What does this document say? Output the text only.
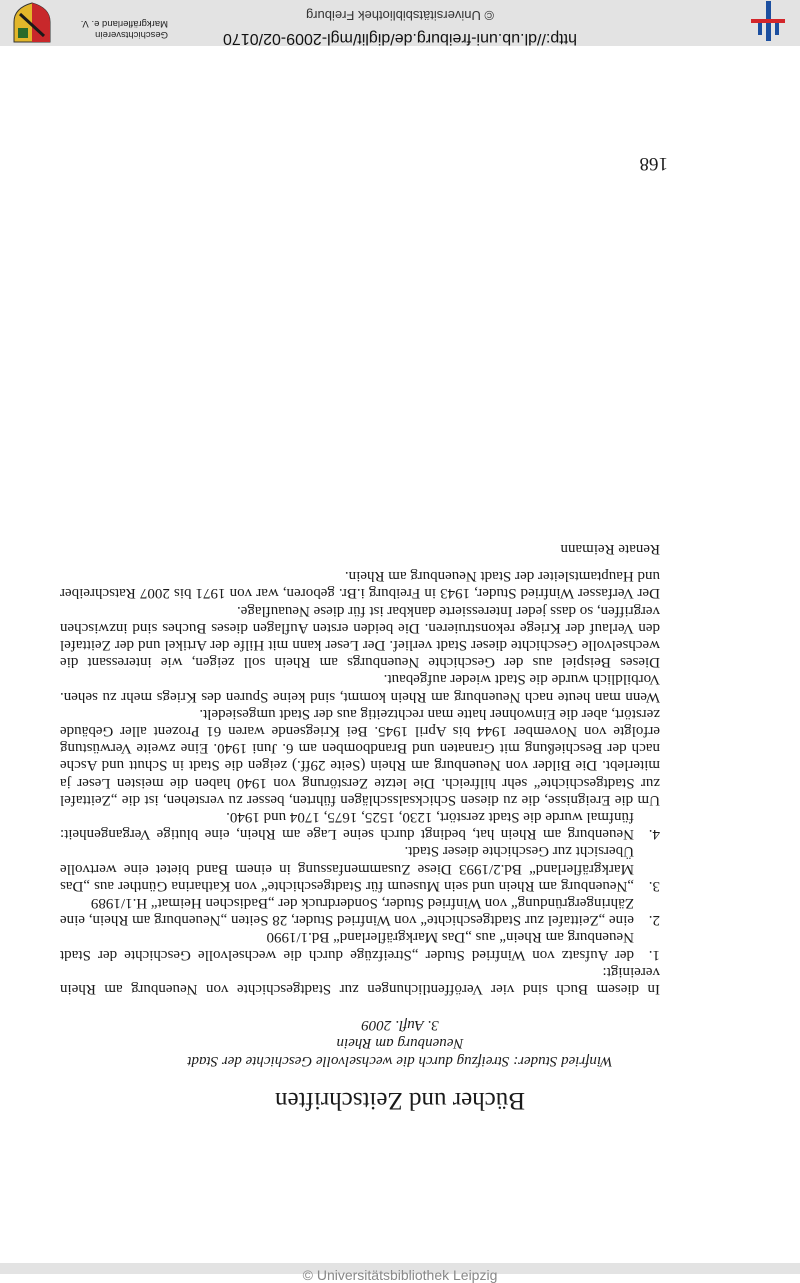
© Universitätsbibliothek Leipzig
http://dl.ub.uni-freiburg.de/diglit/mgl-2009-02/0170
© Universitätsbibliothek Freiburg
Geschichtsverein
Markgräflerland e. V.
168
Bücher und Zeitschriften
Winfried Studer: Streifzug durch die wechselvolle Geschichte der Stadt
Neuenburg am Rhein
3. Aufl. 2009

In diesem Buch sind vier Veröffentlichungen zur Stadtgeschichte von Neuenburg am Rhein vereinigt:

1.
der Aufsatz von Winfried Studer „Streifzüge durch die wechselvolle Geschichte der Stadt Neuenburg am Rhein“ aus „Das Markgräflerland“ Bd.1/1990
2.
eine „Zeittafel zur Stadtgeschichte“ von Winfried Studer, 28 Seiten „Neuenburg am Rhein, eine Zähringergründung“ von Winfried Studer, Sonderdruck der „Badischen Heimat“ H.1/1989
3.
„Neuenburg am Rhein und sein Museum für Stadtgeschichte“ von Katharina Günther aus „Das Markgräflerland“ Bd.2/1993 Diese Zusammenfassung in einem Band bietet eine wertvolle Übersicht zur Geschichte dieser Stadt.
4.
Neuenburg am Rhein hat, bedingt durch seine Lage am Rhein, eine blutige Vergangenheit: fünfmal wurde die Stadt zerstört, 1230, 1525, 1675, 1704 und 1940.

Um die Ereignisse, die zu diesen Schicksalsschlägen führten, besser zu verstehen, ist die „Zeittafel zur Stadtgeschichte“ sehr hilfreich. Die letzte Zerstörung von 1940 haben die meisten Leser ja miterlebt. Die Bilder von Neuenburg am Rhein (Seite 29ff.) zeigen die Stadt in Schutt und Asche nach der Beschießung mit Granaten und Brandbomben am 6. Juni 1940. Eine zweite Verwüstung erfolgte von November 1944 bis April 1945. Bei Kriegsende waren 61 Prozent aller Gebäude zerstört, aber die Einwohner hatte man rechtzeitig aus der Stadt umgesiedelt.

Wenn man heute nach Neuenburg am Rhein kommt, sind keine Spuren des Kriegs mehr zu sehen. Vorbildlich wurde die Stadt wieder aufgebaut.

Dieses Beispiel aus der Geschichte Neuenburgs am Rhein soll zeigen, wie interessant die wechselvolle Geschichte dieser Stadt verlief. Der Leser kann mit Hilfe der Artikel und der Zeittafel den Verlauf der Kriege rekonstruieren. Die beiden ersten Auflagen dieses Buches sind inzwischen vergriffen, so dass jeder Interessierte dankbar ist für diese Neuauflage.

Der Verfasser Winfried Studer, 1943 in Freiburg i.Br. geboren, war von 1971 bis 2007 Ratschreiber und Hauptamtsleiter der Stadt Neuenburg am Rhein.

Renate Reimann
